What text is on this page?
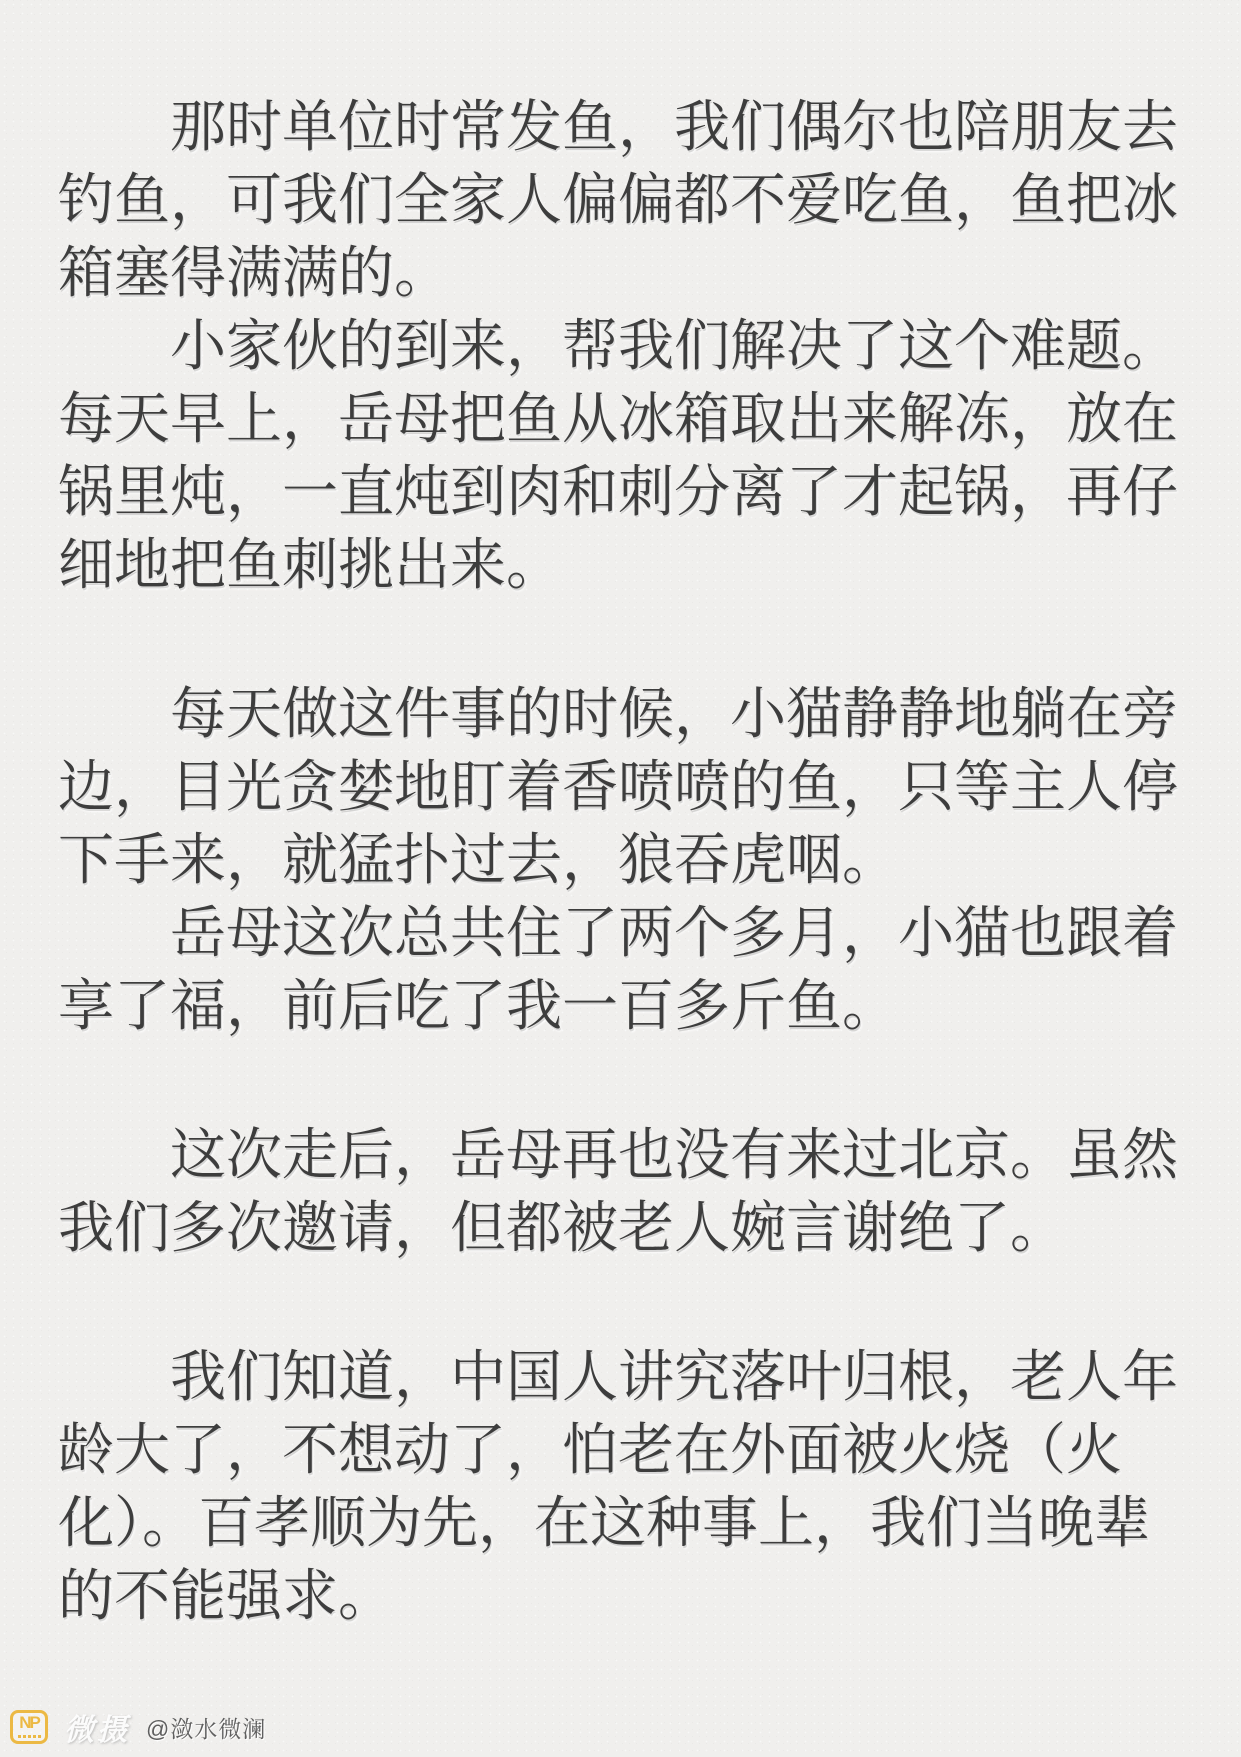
那时单位时常发鱼，我们偶尔也陪朋友去钓鱼，可我们全家人偏偏都不爱吃鱼，鱼把冰箱塞得满满的。

小家伙的到来，帮我们解决了这个难题。每天早上，岳母把鱼从冰箱取出来解冻，放在锅里炖，一直炖到肉和刺分离了才起锅，再仔细地把鱼刺挑出来。

每天做这件事的时候，小猫静静地躺在旁边，目光贪婪地盯着香喷喷的鱼，只等主人停下手来，就猛扑过去，狼吞虎咽。

岳母这次总共住了两个多月，小猫也跟着享了福，前后吃了我一百多斤鱼。

这次走后，岳母再也没有来过北京。虽然我们多次邀请，但都被老人婉言谢绝了。

我们知道，中国人讲究落叶归根，老人年龄大了，不想动了，怕老在外面被火烧（火化）。百孝顺为先，在这种事上，我们当晚辈的不能强求。

NP 微摄 @潋水微澜
